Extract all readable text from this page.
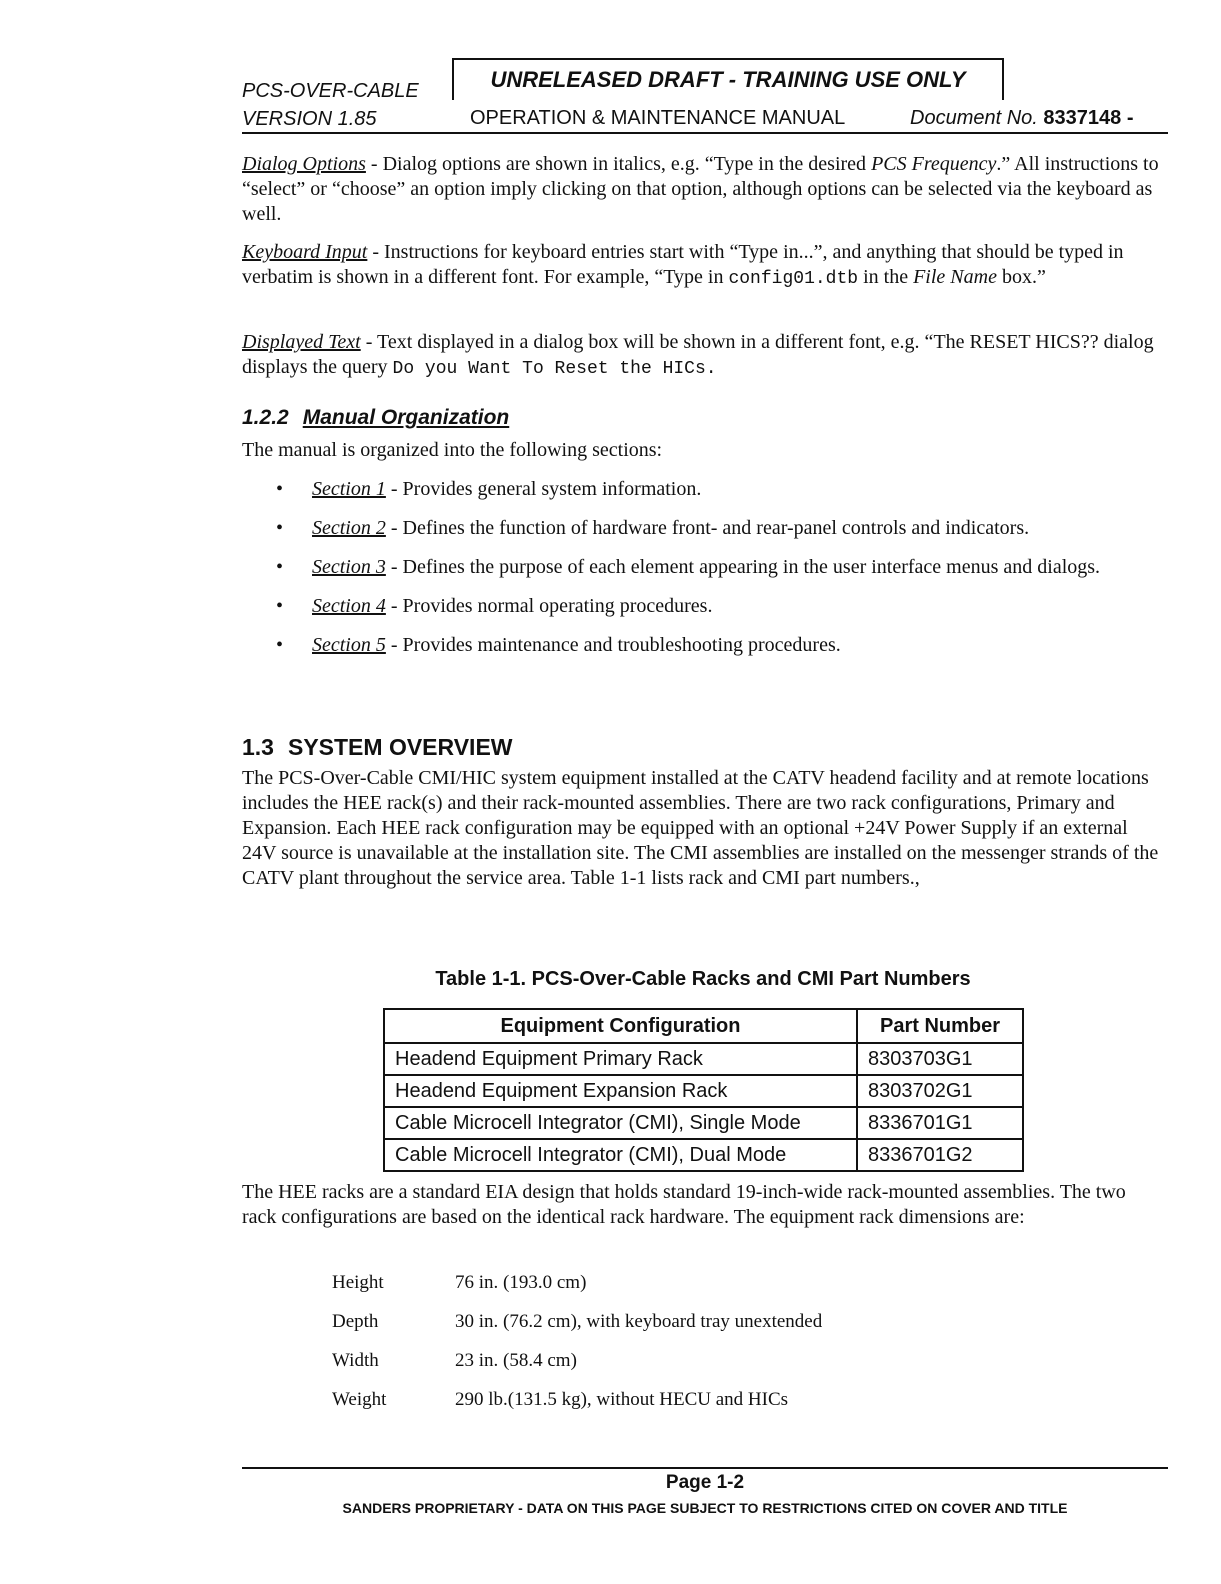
PCS-OVER-CABLE
VERSION 1.85
UNRELEASED DRAFT - TRAINING USE ONLY
OPERATION & MAINTENANCE MANUAL	Document No. 8337148 -
Dialog Options - Dialog options are shown in italics, e.g. “Type in the desired PCS Frequency.” All instructions to “select” or “choose” an option imply clicking on that option, although options can be selected via the keyboard as well.
Keyboard Input - Instructions for keyboard entries start with “Type in...”, and anything that should be typed in verbatim is shown in a different font. For example, “Type in config01.dtb in the File Name box.”
Displayed Text - Text displayed in a dialog box will be shown in a different font, e.g. “The RESET HICS?? dialog displays the query Do you Want To Reset the HICs.
1.2.2 Manual Organization
The manual is organized into the following sections:
• Section 1 - Provides general system information.
• Section 2 - Defines the function of hardware front- and rear-panel controls and indicators.
• Section 3 - Defines the purpose of each element appearing in the user interface menus and dialogs.
• Section 4 - Provides normal operating procedures.
• Section 5 - Provides maintenance and troubleshooting procedures.
1.3 SYSTEM OVERVIEW
The PCS-Over-Cable CMI/HIC system equipment installed at the CATV headend facility and at remote locations includes the HEE rack(s) and their rack-mounted assemblies. There are two rack configurations, Primary and Expansion. Each HEE rack configuration may be equipped with an optional +24V Power Supply if an external 24V source is unavailable at the installation site. The CMI assemblies are installed on the messenger strands of the CATV plant throughout the service area. Table 1-1 lists rack and CMI part numbers.,
Table 1-1. PCS-Over-Cable Racks and CMI Part Numbers
Equipment Configuration	Part Number
Headend Equipment Primary Rack	8303703G1
Headend Equipment Expansion Rack	8303702G1
Cable Microcell Integrator (CMI), Single Mode	8336701G1
Cable Microcell Integrator (CMI), Dual Mode	8336701G2
The HEE racks are a standard EIA design that holds standard 19-inch-wide rack-mounted assemblies. The two rack configurations are based on the identical rack hardware. The equipment rack dimensions are:
Height	76 in. (193.0 cm)
Depth	30 in. (76.2 cm), with keyboard tray unextended
Width	23 in. (58.4 cm)
Weight	290 lb.(131.5 kg), without HECU and HICs
Page 1-2
SANDERS PROPRIETARY - DATA ON THIS PAGE SUBJECT TO RESTRICTIONS CITED ON COVER AND TITLE
